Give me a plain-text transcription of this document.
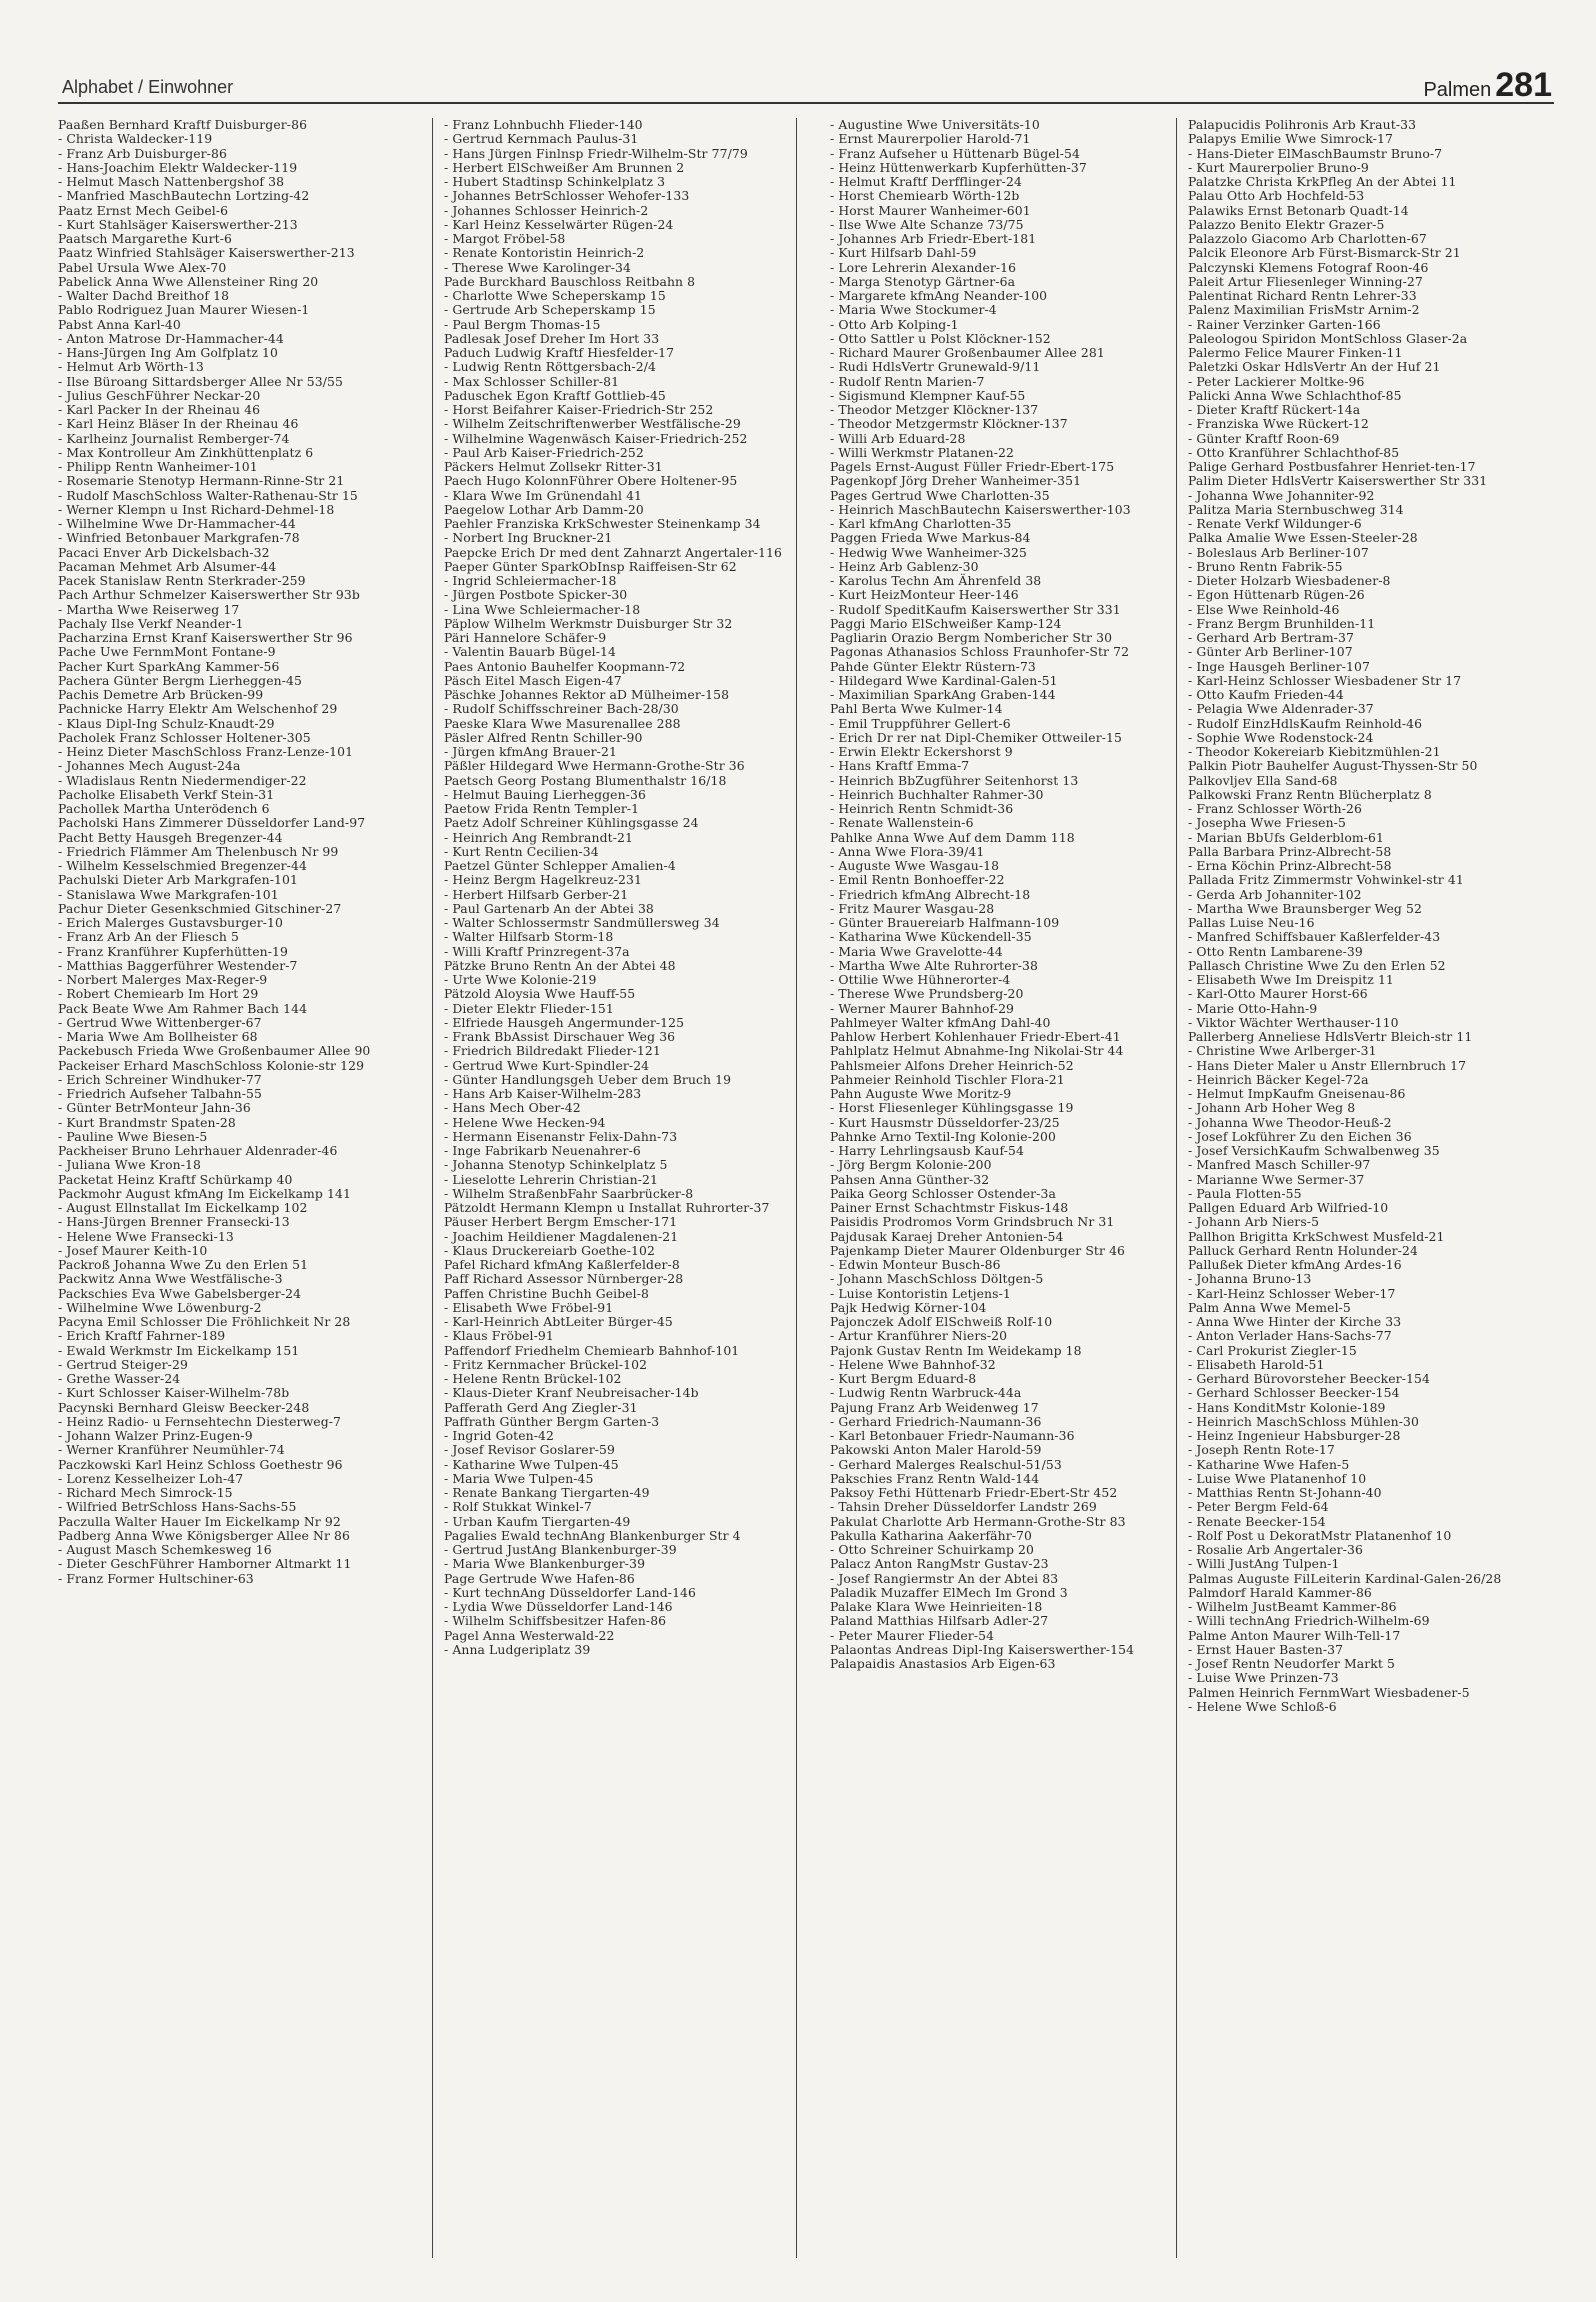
Alphabet / Einwohner	Palmen 281
Paaßen Bernhard Kraftf Duisburger-86
- Christa Waldecker-119
- Franz Arb Duisburger-86
- Hans-Joachim Elektr Waldecker-119
- Helmut Masch Nattenbergshof 38
- Manfried MaschBautechn Lortzing-42
Paatz Ernst Mech Geibel-6
- Kurt Stahlsäger Kaiserswerther-213
Paatsch Margarethe Kurt-6
Paatz Winfried Stahlsäger Kaiserswerther-213
Pabel Ursula Wwe Alex-70
Pabelick Anna Wwe Allensteiner Ring 20
- Walter Dachd Breithof 18
Pablo Rodriguez Juan Maurer Wiesen-1
Pabst Anna Karl-40
- Anton Matrose Dr-Hammacher-44
- Hans-Jürgen Ing Am Golfplatz 10
- Helmut Arb Wörth-13
- Ilse Büroang Sittardsberger Allee Nr 53/55
- Julius GeschFührer Neckar-20
- Karl Packer In der Rheinau 46
- Karl Heinz Bläser In der Rheinau 46
- Karlheinz Journalist Remberger-74
- Max Kontrolleur Am Zinkhüttenplatz 6
- Philipp Rentn Wanheimer-101
- Rosemarie Stenotyp Hermann-Rinne-Str 21
- Rudolf MaschSchloss Walter-Rathenau-Str 15
- Werner Klempn u Inst Richard-Dehmel-18
- Wilhelmine Wwe Dr-Hammacher-44
- Winfried Betonbauer Markgrafen-78
Pacaci Enver Arb Dickelsbach-32
Pacaman Mehmet Arb Alsumer-44
Pacek Stanislaw Rentn Sterkrader-259
Pach Arthur Schmelzer Kaiserswerther Str 93b
- Martha Wwe Reiserweg 17
Pachaly Ilse Verkf Neander-1
Pacharzina Ernst Kranf Kaiserswerther Str 96
Pache Uwe FernmMont Fontane-9
Pacher Kurt SparkAng Kammer-56
Pachera Günter Bergm Lierheggen-45
Pachis Demetre Arb Brücken-99
Pachnicke Harry Elektr Am Welschenhof 29
- Klaus Dipl-Ing Schulz-Knaudt-29
Pacholek Franz Schlosser Holtener-305
- Heinz Dieter MaschSchloss Franz-Lenze-101
- Johannes Mech August-24a
- Wladislaus Rentn Niedermendiger-22
Pacholke Elisabeth Verkf Stein-31
Pachollek Martha Unterödench 6
Pacholski Hans Zimmerer Düsseldorfer Land-97
Pacht Betty Hausgeh Bregenzer-44
- Friedrich Flämmer Am Thelenbusch Nr 99
- Wilhelm Kesselschmied Bregenzer-44
Pachulski Dieter Arb Markgrafen-101
- Stanislawa Wwe Markgrafen-101
Pachur Dieter Gesenkschmied Gitschiner-27
- Erich Malerges Gustavsburger-10
- Franz Arb An der Fliesch 5
- Franz Kranführer Kupferhütten-19
- Matthias Baggerführer Westender-7
- Norbert Malerges Max-Reger-9
- Robert Chemiearb Im Hort 29
Pack Beate Wwe Am Rahmer Bach 144
- Gertrud Wwe Wittenberger-67
- Maria Wwe Am Bollheister 68
Packebusch Frieda Wwe Großenbaumer Allee 90
Packeiser Erhard MaschSchloss Kolonie-str 129
- Erich Schreiner Windhuker-77
- Friedrich Aufseher Talbahn-55
- Günter BetrMonteur Jahn-36
- Kurt Brandmstr Spaten-28
- Pauline Wwe Biesen-5
Packheiser Bruno Lehrhauer Aldenrader-46
- Juliana Wwe Kron-18
Packetat Heinz Kraftf Schürkamp 40
Packmohr August kfmAng Im Eickelkamp 141
- August Ellnstallat Im Eickelkamp 102
- Hans-Jürgen Brenner Fransecki-13
- Helene Wwe Fransecki-13
- Josef Maurer Keith-10
Packroß Johanna Wwe Zu den Erlen 51
Packwitz Anna Wwe Westfälische-3
Packschies Eva Wwe Gabelsberger-24
- Wilhelmine Wwe Löwenburg-2
Pacyna Emil Schlosser Die Fröhlichkeit Nr 28
- Erich Kraftf Fahrner-189
- Ewald Werkmstr Im Eickelkamp 151
- Gertrud Steiger-29
- Grethe Wasser-24
- Kurt Schlosser Kaiser-Wilhelm-78b
Pacynski Bernhard Gleisw Beecker-248
- Heinz Radio- u Fernsehtechn Diesterweg-7
- Johann Walzer Prinz-Eugen-9
- Werner Kranführer Neumühler-74
Paczkowski Karl Heinz Schloss Goethestr 96
- Lorenz Kesselheizer Loh-47
- Richard Mech Simrock-15
- Wilfried BetrSchloss Hans-Sachs-55
Paczulla Walter Hauer Im Eickelkamp Nr 92
Padberg Anna Wwe Königsberger Allee Nr 86
- August Masch Schemkesweg 16
- Dieter GeschFührer Hamborner Altmarkt 11
- Franz Former Hultschiner-63
- Franz Lohnbuchh Flieder-140
- Gertrud Kernmach Paulus-31
- Hans Jürgen Finlnsp Friedr-Wilhelm-Str 77/79
- Herbert ElSchweißer Am Brunnen 2
- Hubert Stadtinsp Schinkelplatz 3
- Johannes BetrSchlosser Wehofer-133
- Johannes Schlosser Heinrich-2
- Karl Heinz Kesselwärter Rügen-24
- Margot Fröbel-58
- Renate Kontoristin Heinrich-2
- Therese Wwe Karolinger-34
Pade Burckhard Bauschloss Reitbahn 8
- Charlotte Wwe Scheperskamp 15
- Gertrude Arb Scheperskamp 15
- Paul Bergm Thomas-15
Padlesak Josef Dreher Im Hort 33
Paduch Ludwig Kraftf Hiesfelder-17
- Ludwig Rentn Röttgersbach-2/4
- Max Schlosser Schiller-81
Paduschek Egon Kraftf Gottlieb-45
- Horst Beifahrer Kaiser-Friedrich-Str 252
- Wilhelm Zeitschriftenwerber Westfälische-29
- Wilhelmine Wagenwäsch Kaiser-Friedrich-252
- Paul Arb Kaiser-Friedrich-252
Päckers Helmut Zollsekr Ritter-31
Paech Hugo KolonnFührer Obere Holtener-95
- Klara Wwe Im Grünendahl 41
Paegelow Lothar Arb Damm-20
Paehler Franziska KrkSchwester Steinenkamp 34
- Norbert Ing Bruckner-21
Paepcke Erich Dr med dent Zahnarzt Angertaler-116
Paeper Günter SparkObInsp Raiffeisen-Str 62
- Ingrid Schleiermacher-18
- Jürgen Postbote Spicker-30
- Lina Wwe Schleiermacher-18
Päplow Wilhelm Werkmstr Duisburger Str 32
Päri Hannelore Schäfer-9
- Valentin Bauarb Bügel-14
Paes Antonio Bauhelfer Koopmann-72
Päsch Eitel Masch Eigen-47
Päschke Johannes Rektor aD Mülheimer-158
- Rudolf Schiffsschreiner Bach-28/30
Paeske Klara Wwe Masurenallee 288
Päsler Alfred Rentn Schiller-90
- Jürgen kfmAng Brauer-21
Päßler Hildegard Wwe Hermann-Grothe-Str 36
Paetsch Georg Postang Blumenthalstr 16/18
- Helmut Bauing Lierheggen-36
Paetow Frida Rentn Templer-1
Paetz Adolf Schreiner Kühlingsgasse 24
- Heinrich Ang Rembrandt-21
- Kurt Rentn Cecilien-34
Paetzel Günter Schlepper Amalien-4
- Heinz Bergm Hagelkreuz-231
- Herbert Hilfsarb Gerber-21
- Paul Gartenarb An der Abtei 38
- Walter Schlossermstr Sandmüllersweg 34
- Walter Hilfsarb Storm-18
- Willi Kraftf Prinzregent-37a
Pätzke Bruno Rentn An der Abtei 48
- Urte Wwe Kolonie-219
Pätzold Aloysia Wwe Hauff-55
- Dieter Elektr Flieder-151
- Elfriede Hausgeh Angermunder-125
- Frank BbAssist Dirschauer Weg 36
- Friedrich Bildredakt Flieder-121
- Gertrud Wwe Kurt-Spindler-24
- Günter Handlungsgeh Ueber dem Bruch 19
- Hans Arb Kaiser-Wilhelm-283
- Hans Mech Ober-42
- Helene Wwe Hecken-94
- Hermann Eisenanstr Felix-Dahn-73
- Inge Fabrikarb Neuenahrer-6
- Johanna Stenotyp Schinkelplatz 5
- Lieselotte Lehrerin Christian-21
- Wilhelm StraßenbFahr Saarbrücker-8
Pätzoldt Hermann Klempn u Installat Ruhrorter-37
Päuser Herbert Bergm Emscher-171
- Joachim Heildiener Magdalenen-21
- Klaus Druckereiarb Goethe-102
Pafel Richard kfmAng Kaßlerfelder-8
Paff Richard Assessor Nürnberger-28
Paffen Christine Buchh Geibel-8
- Elisabeth Wwe Fröbel-91
- Karl-Heinrich AbtLeiter Bürger-45
- Klaus Fröbel-91
Paffendorf Friedhelm Chemiearb Bahnhof-101
- Fritz Kernmacher Brückel-102
- Helene Rentn Brückel-102
- Klaus-Dieter Kranf Neubreisacher-14b
Pafferath Gerd Ang Ziegler-31
Paffrath Günther Bergm Garten-3
- Ingrid Goten-42
- Josef Revisor Goslarer-59
- Katharine Wwe Tulpen-45
- Maria Wwe Tulpen-45
- Renate Bankang Tiergarten-49
- Rolf Stukkat Winkel-7
- Urban Kaufm Tiergarten-49
Pagalies Ewald technAng Blankenburger Str 4
- Gertrud JustAng Blankenburger-39
- Maria Wwe Blankenburger-39
Page Gertrude Wwe Hafen-86
- Kurt technAng Düsseldorfer Land-146
- Lydia Wwe Düsseldorfer Land-146
- Wilhelm Schiffsbesitzer Hafen-86
Pagel Anna Westerwald-22
- Anna Ludgeriplatz 39
- Augustine Wwe Universitäts-10
- Ernst Maurerpolier Harold-71
- Franz Aufseher u Hüttenarb Bügel-54
- Heinz Hüttenwerkarb Kupferhütten-37
- Helmut Kraftf Derfflinger-24
- Horst Chemiearb Wörth-12b
- Horst Maurer Wanheimer-601
- Ilse Wwe Alte Schanze 73/75
- Johannes Arb Friedr-Ebert-181
- Kurt Hilfsarb Dahl-59
- Lore Lehrerin Alexander-16
- Marga Stenotyp Gärtner-6a
- Margarete kfmAng Neander-100
- Maria Wwe Stockumer-4
- Otto Arb Kolping-1
- Otto Sattler u Polst Klöckner-152
- Richard Maurer Großenbaumer Allee 281
- Rudi HdlsVertr Grunewald-9/11
- Rudolf Rentn Marien-7
- Sigismund Klempner Kauf-55
- Theodor Metzger Klöckner-137
- Theodor Metzgermstr Klöckner-137
- Willi Arb Eduard-28
- Willi Werkmstr Platanen-22
Pagels Ernst-August Füller Friedr-Ebert-175
Pagenkopf Jörg Dreher Wanheimer-351
Pages Gertrud Wwe Charlotten-35
- Heinrich MaschBautechn Kaiserswerther-103
- Karl kfmAng Charlotten-35
Paggen Frieda Wwe Markus-84
- Hedwig Wwe Wanheimer-325
- Heinz Arb Gablenz-30
- Karolus Techn Am Ährenfeld 38
- Kurt HeizMonteur Heer-146
- Rudolf SpeditKaufm Kaiserswerther Str 331
Paggi Mario ElSchweißer Kamp-124
Pagliarin Orazio Bergm Nombericher Str 30
Pagonas Athanasios Schloss Fraunhofer-Str 72
Pahde Günter Elektr Rüstern-73
- Hildegard Wwe Kardinal-Galen-51
- Maximilian SparkAng Graben-144
Pahl Berta Wwe Kulmer-14
- Emil Truppführer Gellert-6
- Erich Dr rer nat Dipl-Chemiker Ottweiler-15
- Erwin Elektr Eckershorst 9
- Hans Kraftf Emma-7
- Heinrich BbZugführer Seitenhorst 13
- Heinrich Buchhalter Rahmer-30
- Heinrich Rentn Schmidt-36
- Renate Wallenstein-6
Pahlke Anna Wwe Auf dem Damm 118
- Anna Wwe Flora-39/41
- Auguste Wwe Wasgau-18
- Emil Rentn Bonhoeffer-22
- Friedrich kfmAng Albrecht-18
- Fritz Maurer Wasgau-28
- Günter Brauereiarb Halfmann-109
- Katharina Wwe Kückendell-35
- Maria Wwe Gravelotte-44
- Martha Wwe Alte Ruhrorter-38
- Ottilie Wwe Hühnerorter-4
- Therese Wwe Prundsberg-20
- Werner Maurer Bahnhof-29
Pahlmeyer Walter kfmAng Dahl-40
Pahlow Herbert Kohlenhauer Friedr-Ebert-41
Pahlplatz Helmut Abnahme-Ing Nikolai-Str 44
Pahlsmeier Alfons Dreher Heinrich-52
Pahmeier Reinhold Tischler Flora-21
Pahn Auguste Wwe Moritz-9
- Horst Fliesenleger Kühlingsgasse 19
- Kurt Hausmstr Düsseldorfer-23/25
Pahnke Arno Textil-Ing Kolonie-200
- Harry Lehrlingsausb Kauf-54
- Jörg Bergm Kolonie-200
Pahsen Anna Günther-32
Paika Georg Schlosser Ostender-3a
Painer Ernst Schachtmstr Fiskus-148
Paisidis Prodromos Vorm Grindsbruch Nr 31
Pajdusak Karaej Dreher Antonien-54
Pajenkamp Dieter Maurer Oldenburger Str 46
- Edwin Monteur Busch-86
- Johann MaschSchloss Döltgen-5
- Luise Kontoristin Letjens-1
Pajk Hedwig Körner-104
Pajonczek Adolf ElSchweiß Rolf-10
- Artur Kranführer Niers-20
Pajonk Gustav Rentn Im Weidekamp 18
- Helene Wwe Bahnhof-32
- Kurt Bergm Eduard-8
- Ludwig Rentn Warbruck-44a
Pajung Franz Arb Weidenweg 17
- Gerhard Friedrich-Naumann-36
- Karl Betonbauer Friedr-Naumann-36
Pakowski Anton Maler Harold-59
- Gerhard Malerges Realschul-51/53
Pakschies Franz Rentn Wald-144
Paksoy Fethi Hüttenarb Friedr-Ebert-Str 452
- Tahsin Dreher Düsseldorfer Landstr 269
Pakulat Charlotte Arb Hermann-Grothe-Str 83
Pakulla Katharina Aakerfähr-70
- Otto Schreiner Schuirkamp 20
Palacz Anton RangMstr Gustav-23
- Josef Rangiermstr An der Abtei 83
Paladik Muzaffer ElMech Im Grond 3
Palake Klara Wwe Heinrieiten-18
Paland Matthias Hilfsarb Adler-27
- Peter Maurer Flieder-54
Palaontas Andreas Dipl-Ing Kaiserswerther-154
Palapaidis Anastasios Arb Eigen-63
Palapucidis Polihronis Arb Kraut-33
Palapys Emilie Wwe Simrock-17
- Hans-Dieter ElMaschBaumstr Bruno-7
- Kurt Maurerpolier Bruno-9
Palatzke Christa KrkPfleg An der Abtei 11
Palau Otto Arb Hochfeld-53
Palawiks Ernst Betonarb Quadt-14
Palazzo Benito Elektr Grazer-5
Palazzolo Giacomo Arb Charlotten-67
Palcik Eleonore Arb Fürst-Bismarck-Str 21
Palczynski Klemens Fotograf Roon-46
Paleit Artur Fliesenleger Winning-27
Palentinat Richard Rentn Lehrer-33
Palenz Maximilian FrisMstr Arnim-2
- Rainer Verzinker Garten-166
Paleologou Spiridon MontSchloss Glaser-2a
Palermo Felice Maurer Finken-11
Paletzki Oskar HdlsVertr An der Huf 21
- Peter Lackierer Moltke-96
Palicki Anna Wwe Schlachthof-85
- Dieter Kraftf Rückert-14a
- Franziska Wwe Rückert-12
- Günter Kraftf Roon-69
- Otto Kranführer Schlachthof-85
Palige Gerhard Postbusfahrer Henriet-ten-17
Palim Dieter HdlsVertr Kaiserswerther Str 331
- Johanna Wwe Johanniter-92
Palitza Maria Sternbuschweg 314
- Renate Verkf Wildunger-6
Palka Amalie Wwe Essen-Steeler-28
- Boleslaus Arb Berliner-107
- Bruno Rentn Fabrik-55
- Dieter Holzarb Wiesbadener-8
- Egon Hüttenarb Rügen-26
- Else Wwe Reinhold-46
- Franz Bergm Brunhilden-11
- Gerhard Arb Bertram-37
- Günter Arb Berliner-107
- Inge Hausgeh Berliner-107
- Karl-Heinz Schlosser Wiesbadener Str 17
- Otto Kaufm Frieden-44
- Pelagia Wwe Aldenrader-37
- Rudolf EinzHdlsKaufm Reinhold-46
- Sophie Wwe Rodenstock-24
- Theodor Kokereiarb Kiebitzmühlen-21
Palkin Piotr Bauhelfer August-Thyssen-Str 50
Palkovljev Ella Sand-68
Palkowski Franz Rentn Blücherplatz 8
- Franz Schlosser Wörth-26
- Josepha Wwe Friesen-5
- Marian BbUfs Gelderblom-61
Palla Barbara Prinz-Albrecht-58
- Erna Köchin Prinz-Albrecht-58
Pallada Fritz Zimmermstr Vohwinkel-str 41
- Gerda Arb Johanniter-102
- Martha Wwe Braunsberger Weg 52
Pallas Luise Neu-16
- Manfred Schiffsbauer Kaßlerfelder-43
- Otto Rentn Lambarene-39
Pallasch Christine Wwe Zu den Erlen 52
- Elisabeth Wwe Im Dreispitz 11
- Karl-Otto Maurer Horst-66
- Marie Otto-Hahn-9
- Viktor Wächter Werthauser-110
Pallerberg Anneliese HdlsVertr Bleich-str 11
- Christine Wwe Arlberger-31
- Hans Dieter Maler u Anstr Ellernbruch 17
- Heinrich Bäcker Kegel-72a
- Helmut ImpKaufm Gneisenau-86
- Johann Arb Hoher Weg 8
- Johanna Wwe Theodor-Heuß-2
- Josef Lokführer Zu den Eichen 36
- Josef VersichKaufm Schwalbenweg 35
- Manfred Masch Schiller-97
- Marianne Wwe Sermer-37
- Paula Flotten-55
Pallgen Eduard Arb Wilfried-10
- Johann Arb Niers-5
Pallhon Brigitta KrkSchwest Musfeld-21
Palluck Gerhard Rentn Holunder-24
Pallußek Dieter kfmAng Ardes-16
- Johanna Bruno-13
- Karl-Heinz Schlosser Weber-17
Palm Anna Wwe Memel-5
- Anna Wwe Hinter der Kirche 33
- Anton Verlader Hans-Sachs-77
- Carl Prokurist Ziegler-15
- Elisabeth Harold-51
- Gerhard Bürovorsteher Beecker-154
- Gerhard Schlosser Beecker-154
- Hans KonditMstr Kolonie-189
- Heinrich MaschSchloss Mühlen-30
- Heinz Ingenieur Habsburger-28
- Joseph Rentn Rote-17
- Katharine Wwe Hafen-5
- Luise Wwe Platanenhof 10
- Matthias Rentn St-Johann-40
- Peter Bergm Feld-64
- Renate Beecker-154
- Rolf Post u DekoratMstr Platanenhof 10
- Rosalie Arb Angertaler-36
- Willi JustAng Tulpen-1
Palmas Auguste FilLeiterin Kardinal-Galen-26/28
Palmdorf Harald Kammer-86
- Wilhelm JustBeamt Kammer-86
- Willi technAng Friedrich-Wilhelm-69
Palme Anton Maurer Wilh-Tell-17
- Ernst Hauer Basten-37
- Josef Rentn Neudorfer Markt 5
- Luise Wwe Prinzen-73
Palmen Heinrich FernmWart Wiesbadener-5
- Helene Wwe Schloß-6
